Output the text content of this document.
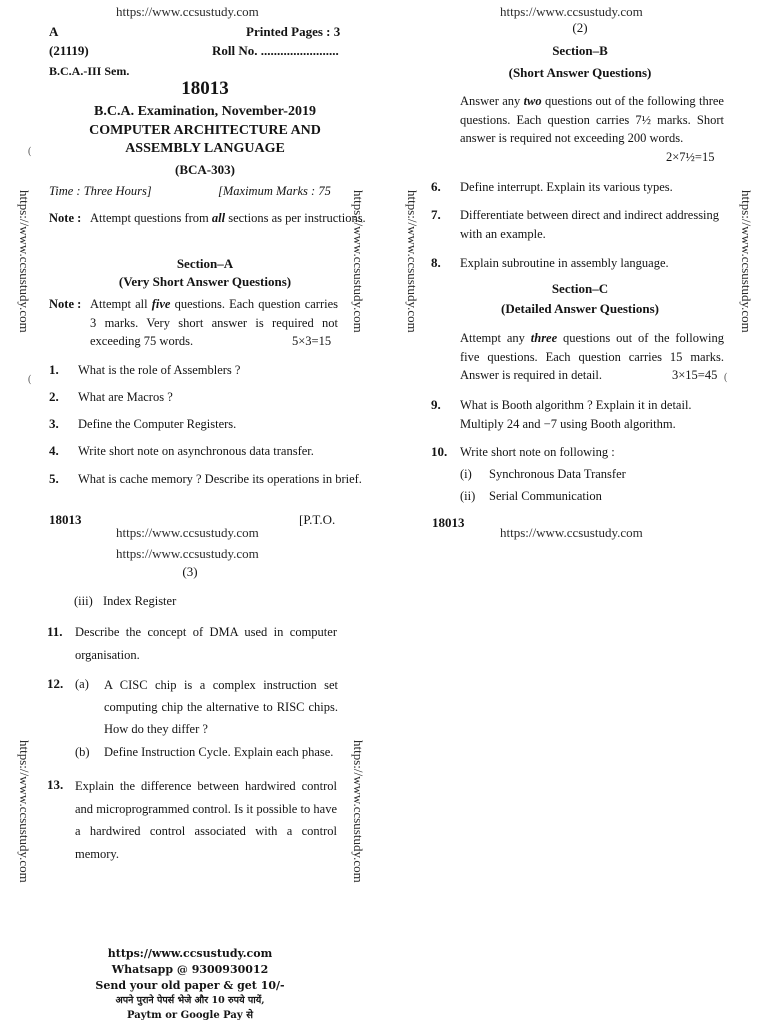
https://www.ccsustudy.com	https://www.ccsustudy.com
https://www.ccsustudy.com	https://www.ccsustudy.com	https://www.ccsustudy.com	https://www.ccsustudy.com
https://www.ccsustudy.com	https://www.ccsustudy.com
A	Printed Pages : 3
(21119)	Roll No. ........................
B.C.A.-III Sem.
18013
B.C.A. Examination, November-2019
COMPUTER ARCHITECTURE AND
ASSEMBLY LANGUAGE
(BCA-303)
Time : Three Hours]	[Maximum Marks : 75
Note : Attempt questions from all sections as per instructions.
Section–A
(Very Short Answer Questions)
Note : Attempt all five questions. Each question carries 3 marks. Very short answer is required not exceeding 75 words.	5×3=15
1. What is the role of Assemblers ?
2. What are Macros ?
3. Define the Computer Registers.
4. Write short note on asynchronous data transfer.
5. What is cache memory ? Describe its operations in brief.
18013	[P.T.O.
https://www.ccsustudy.com
(2)
Section–B
(Short Answer Questions)
Answer any two questions out of the following three questions. Each question carries 7½ marks. Short answer is required not exceeding 200 words.
2×7½=15
6. Define interrupt. Explain its various types.
7. Differentiate between direct and indirect addressing with an example.
8. Explain subroutine in assembly language.
Section–C
(Detailed Answer Questions)
Attempt any three questions out of the following five questions. Each question carries 15 marks. Answer is required in detail.	3×15=45
9. What is Booth algorithm ? Explain it in detail. Multiply 24 and −7 using Booth algorithm.
10. Write short note on following :
(i) Synchronous Data Transfer
(ii) Serial Communication
18013
https://www.ccsustudy.com
https://www.ccsustudy.com
(3)
(iii) Index Register
11. Describe the concept of DMA used in computer organisation.
12. (a) A CISC chip is a complex instruction set computing chip the alternative to RISC chips. How do they differ ?
(b) Define Instruction Cycle. Explain each phase.
13. Explain the difference between hardwired control and microprogrammed control. Is it possible to have a hardwired control associated with a control memory.
https://www.ccsustudy.com
Whatsapp @ 9300930012
Send your old paper & get 10/-
अपने पुराने पेपर्स भेजे और 10 रुपये पायें,
Paytm or Google Pay से
(
(	(
